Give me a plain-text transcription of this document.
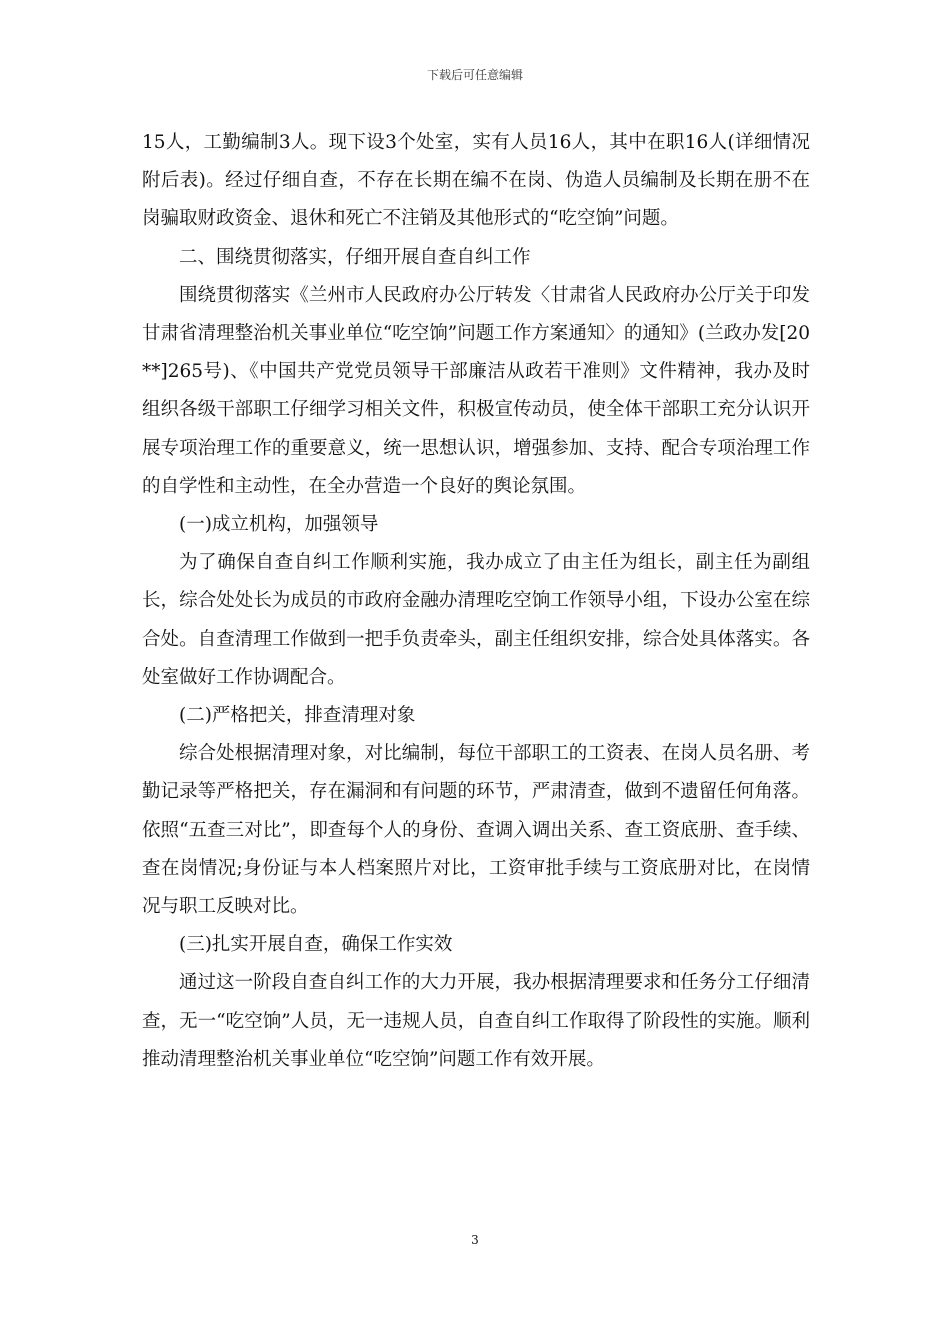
下载后可任意编辑

15人，工勤编制3人。现下设3个处室，实有人员16人，其中在职16人(详细情况附后表)。经过仔细自查，不存在长期在编不在岗、伪造人员编制及长期在册不在岗骗取财政资金、退休和死亡不注销及其他形式的“吃空饷”问题。

二、围绕贯彻落实，仔细开展自查自纠工作

围绕贯彻落实《兰州市人民政府办公厅转发〈甘肃省人民政府办公厅关于印发甘肃省清理整治机关事业单位“吃空饷”问题工作方案通知〉的通知》(兰政办发[20**]265号)、《中国共产党党员领导干部廉洁从政若干准则》文件精神，我办及时组织各级干部职工仔细学习相关文件，积极宣传动员，使全体干部职工充分认识开展专项治理工作的重要意义，统一思想认识，增强参加、支持、配合专项治理工作的自学性和主动性，在全办营造一个良好的舆论氛围。

(一)成立机构，加强领导

为了确保自查自纠工作顺利实施，我办成立了由主任为组长，副主任为副组长，综合处处长为成员的市政府金融办清理吃空饷工作领导小组，下设办公室在综合处。自查清理工作做到一把手负责牵头，副主任组织安排，综合处具体落实。各处室做好工作协调配合。

(二)严格把关，排查清理对象

综合处根据清理对象，对比编制，每位干部职工的工资表、在岗人员名册、考勤记录等严格把关，存在漏洞和有问题的环节，严肃清查，做到不遗留任何角落。依照“五查三对比”，即查每个人的身份、查调入调出关系、查工资底册、查手续、查在岗情况;身份证与本人档案照片对比，工资审批手续与工资底册对比，在岗情况与职工反映对比。

(三)扎实开展自查，确保工作实效

通过这一阶段自查自纠工作的大力开展，我办根据清理要求和任务分工仔细清查，无一“吃空饷”人员，无一违规人员，自查自纠工作取得了阶段性的实施。顺利推动清理整治机关事业单位“吃空饷”问题工作有效开展。

3
